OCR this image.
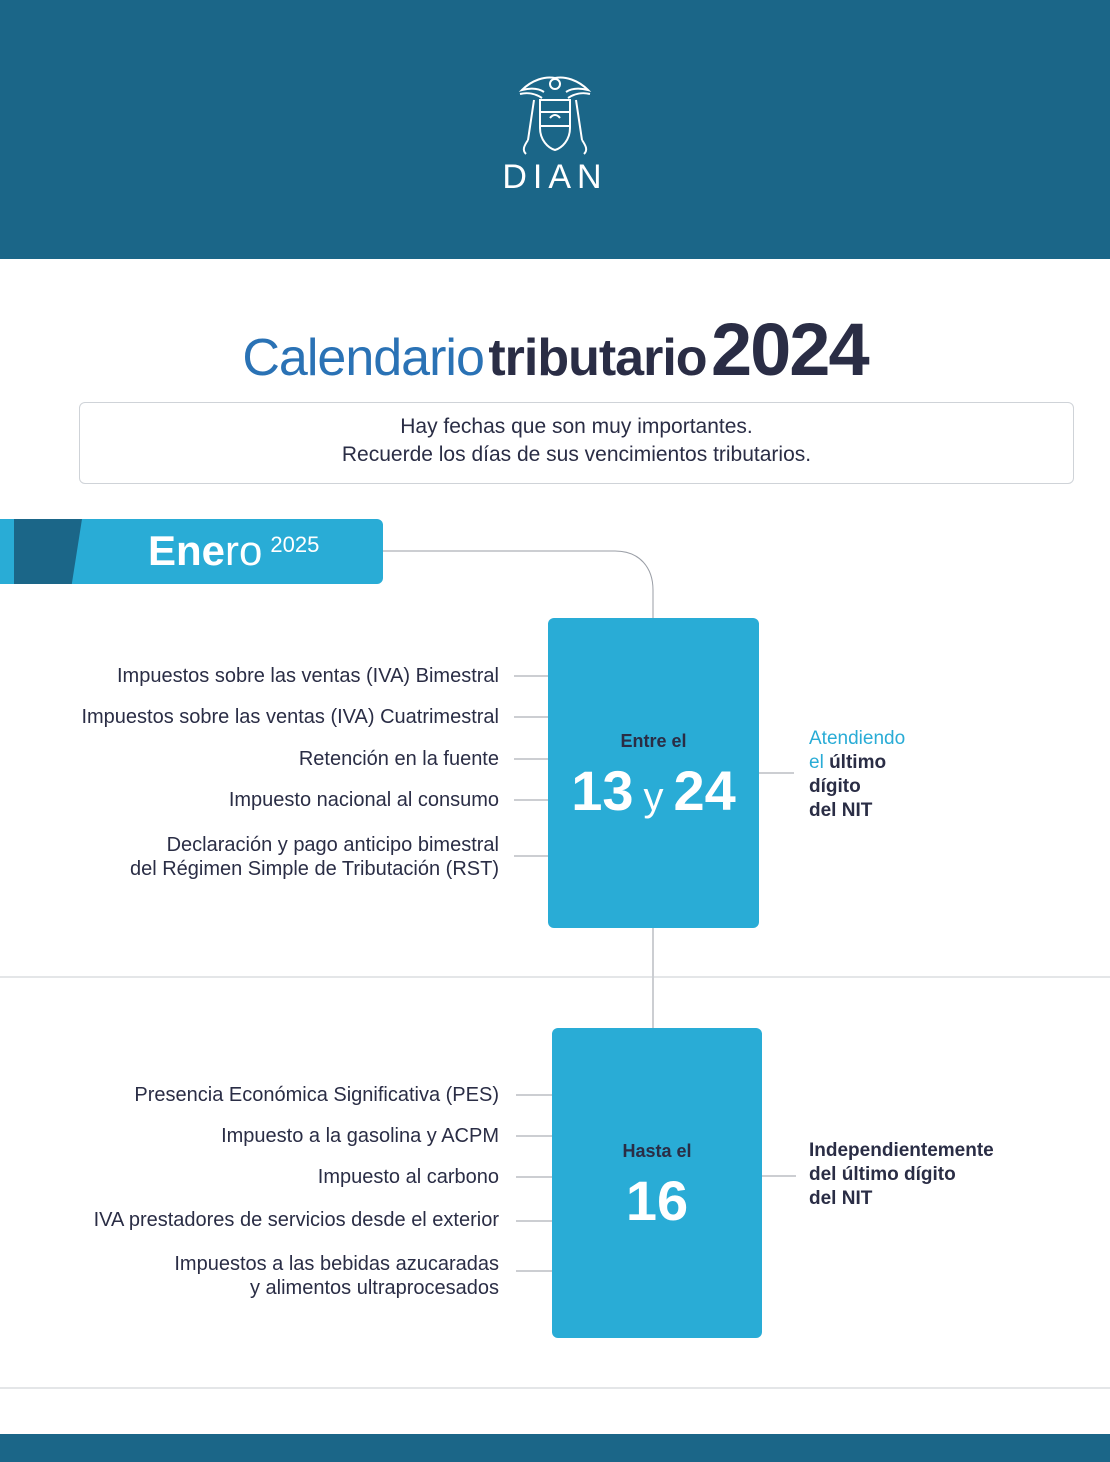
DIAN
Calendario tributario 2024
Hay fechas que son muy importantes.
Recuerde los días de sus vencimientos tributarios.
Enero $^{2025}$
Entre el
13 y 24
Impuestos sobre las ventas (IVA) Bimestral
Impuestos sobre las ventas (IVA) Cuatrimestral
Retención en la fuente
Impuesto nacional al consumo
Declaración y pago anticipo bimestral
del Régimen Simple de Tributación (RST)
Atendiendo
el último
dígito
del NIT
Hasta el
16
Presencia Económica Significativa (PES)
Impuesto a la gasolina y ACPM
Impuesto al carbono
IVA prestadores de servicios desde el exterior
Impuestos a las bebidas azucaradas
y alimentos ultraprocesados
Independientemente
del último dígito
del NIT
